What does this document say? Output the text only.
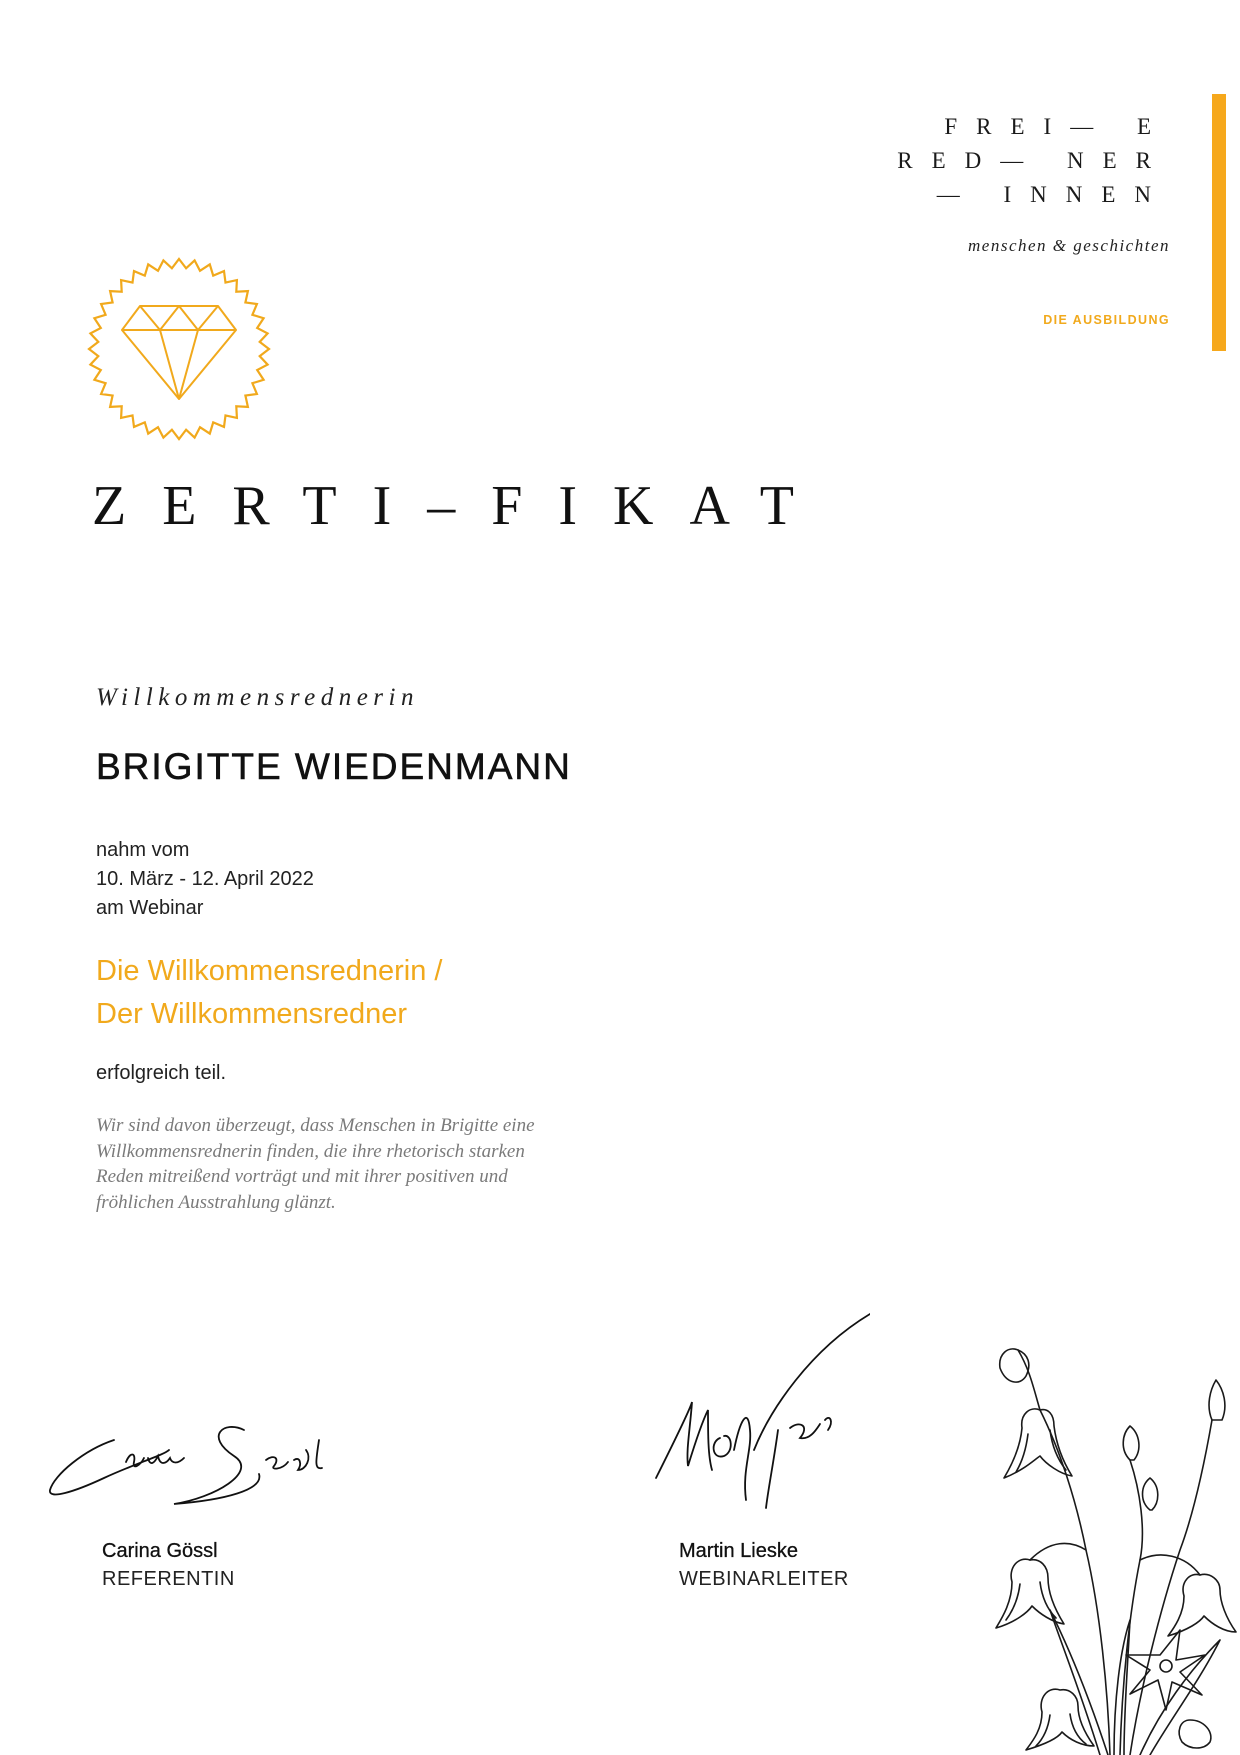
FREI— E
RED— NER
— INNEN
menschen & geschichten
DIE AUSBILDUNG
ZERTI–FIKAT
Willkommensrednerin
BRIGITTE WIEDENMANN
nahm vom
10. März - 12. April 2022
am Webinar
Die Willkommensrednerin /
Der Willkommensredner
erfolgreich teil.
Wir sind davon überzeugt, dass Menschen in Brigitte eine
Willkommensrednerin finden, die ihre rhetorisch starken
Reden mitreißend vorträgt und mit ihrer positiven und
fröhlichen Ausstrahlung glänzt.
Carina Gössl
REFERENTIN
Martin Lieske
WEBINARLEITER
